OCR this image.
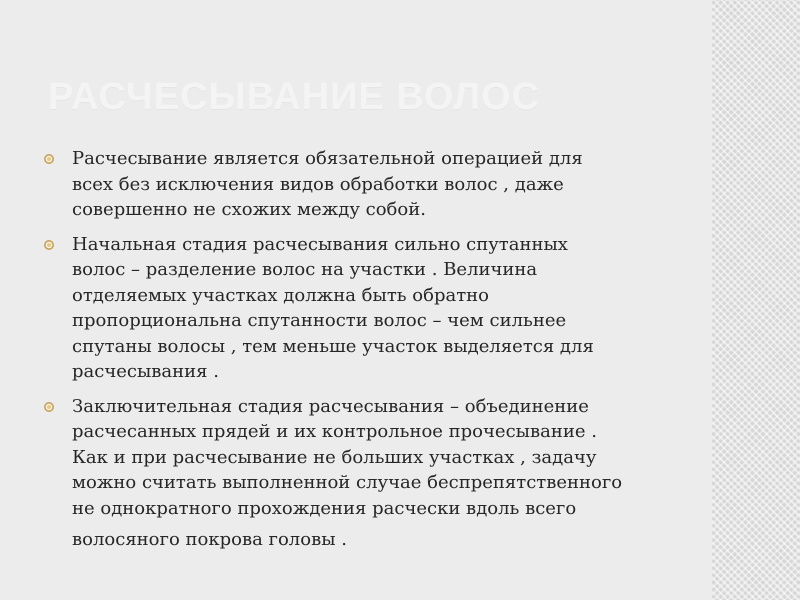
РАСЧЕСЫВАНИЕ ВОЛОС
Расчесывание является обязательной операцией для
всех без исключения видов обработки волос , даже
совершенно не схожих между собой.
Начальная стадия расчесывания сильно спутанных
волос – разделение волос на участки . Величина
отделяемых участках должна быть обратно
пропорциональна спутанности волос – чем сильнее
спутаны волосы , тем меньше участок выделяется для
расчесывания .
Заключительная стадия расчесывания – объединение
расчесанных прядей и их контрольное прочесывание .
Как и при расчесывание не больших участках , задачу
можно считать выполненной случае беспрепятственного
не однократного прохождения расчески вдоль всего

волосяного покрова головы .
